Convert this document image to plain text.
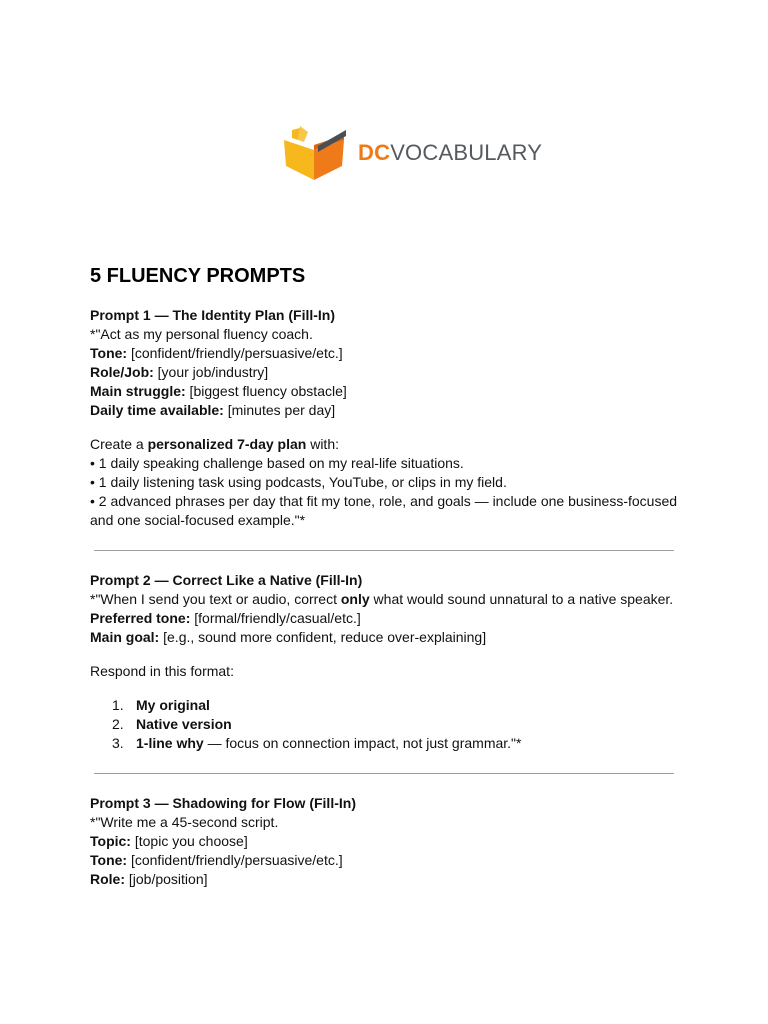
DCVOCABULARY
5 FLUENCY PROMPTS

Prompt 1 — The Identity Plan (Fill-In)

*"Act as my personal fluency coach.

Tone: [confident/friendly/persuasive/etc.]

Role/Job: [your job/industry]

Main struggle: [biggest fluency obstacle]

Daily time available: [minutes per day]

Create a personalized 7-day plan with:

• 1 daily speaking challenge based on my real-life situations.

• 1 daily listening task using podcasts, YouTube, or clips in my field.

• 2 advanced phrases per day that fit my tone, role, and goals — include one business-focused and one social-focused example."*

Prompt 2 — Correct Like a Native (Fill-In)

*"When I send you text or audio, correct only what would sound unnatural to a native speaker.

Preferred tone: [formal/friendly/casual/etc.]

Main goal: [e.g., sound more confident, reduce over-explaining]

Respond in this format:

1. My original
2. Native version
3. 1-line why — focus on connection impact, not just grammar."*

Prompt 3 — Shadowing for Flow (Fill-In)

*"Write me a 45-second script.

Topic: [topic you choose]

Tone: [confident/friendly/persuasive/etc.]

Role: [job/position]
